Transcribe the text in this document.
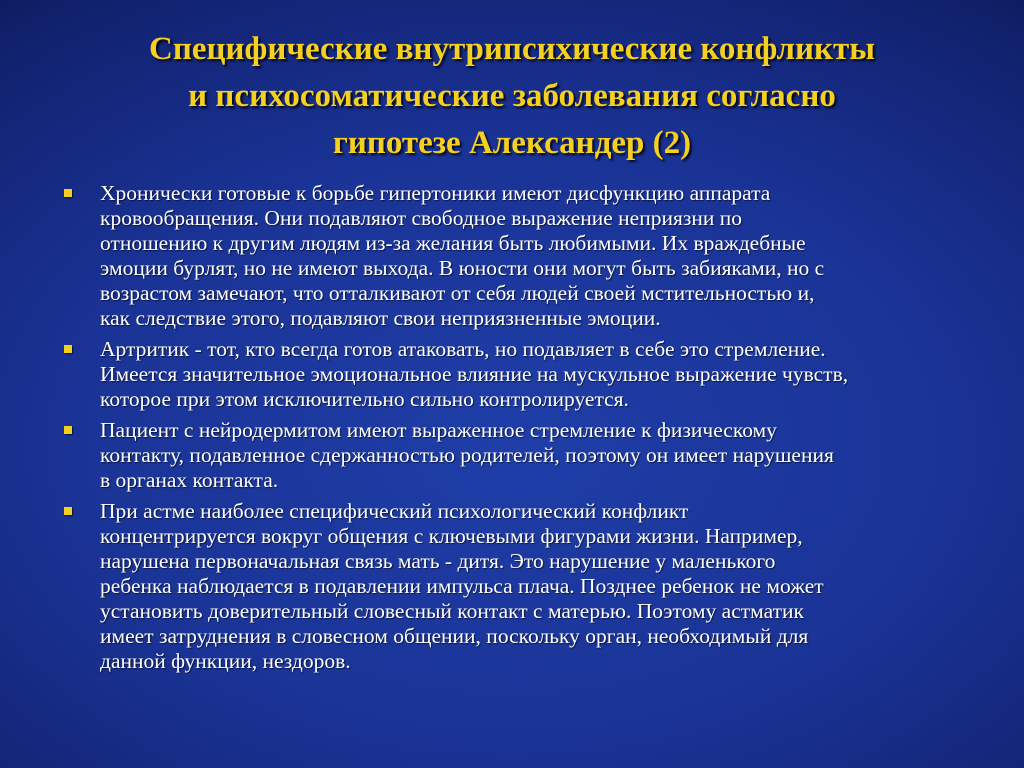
Специфические внутрипсихические конфликты
и психосоматические заболевания согласно
гипотезе Александер (2)
Хронически готовые к борьбе гипертоники имеют дисфункцию аппарата
кровообращения. Они подавляют свободное выражение неприязни по
отношению к другим людям из-за желания быть любимыми. Их враждебные
эмоции бурлят, но не имеют выхода. В юности они могут быть забияками, но с
возрастом замечают, что отталкивают от себя людей своей мстительностью и,
как следствие этого, подавляют свои неприязненные эмоции.
Артритик - тот, кто всегда готов атаковать, но подавляет в себе это стремление.
Имеется значительное эмоциональное влияние на мускульное выражение чувств,
которое при этом исключительно сильно контролируется.
Пациент с нейродермитом имеют выраженное стремление к физическому
контакту, подавленное сдержанностью родителей, поэтому он имеет нарушения
в органах контакта.
При астме наиболее специфический психологический конфликт
концентрируется вокруг общения с ключевыми фигурами жизни. Например,
нарушена первоначальная связь мать - дитя. Это нарушение у маленького
ребенка наблюдается в подавлении импульса плача. Позднее ребенок не может
установить доверительный словесный контакт с матерью. Поэтому астматик
имеет затруднения в словесном общении, поскольку орган, необходимый для
данной функции, нездоров.
